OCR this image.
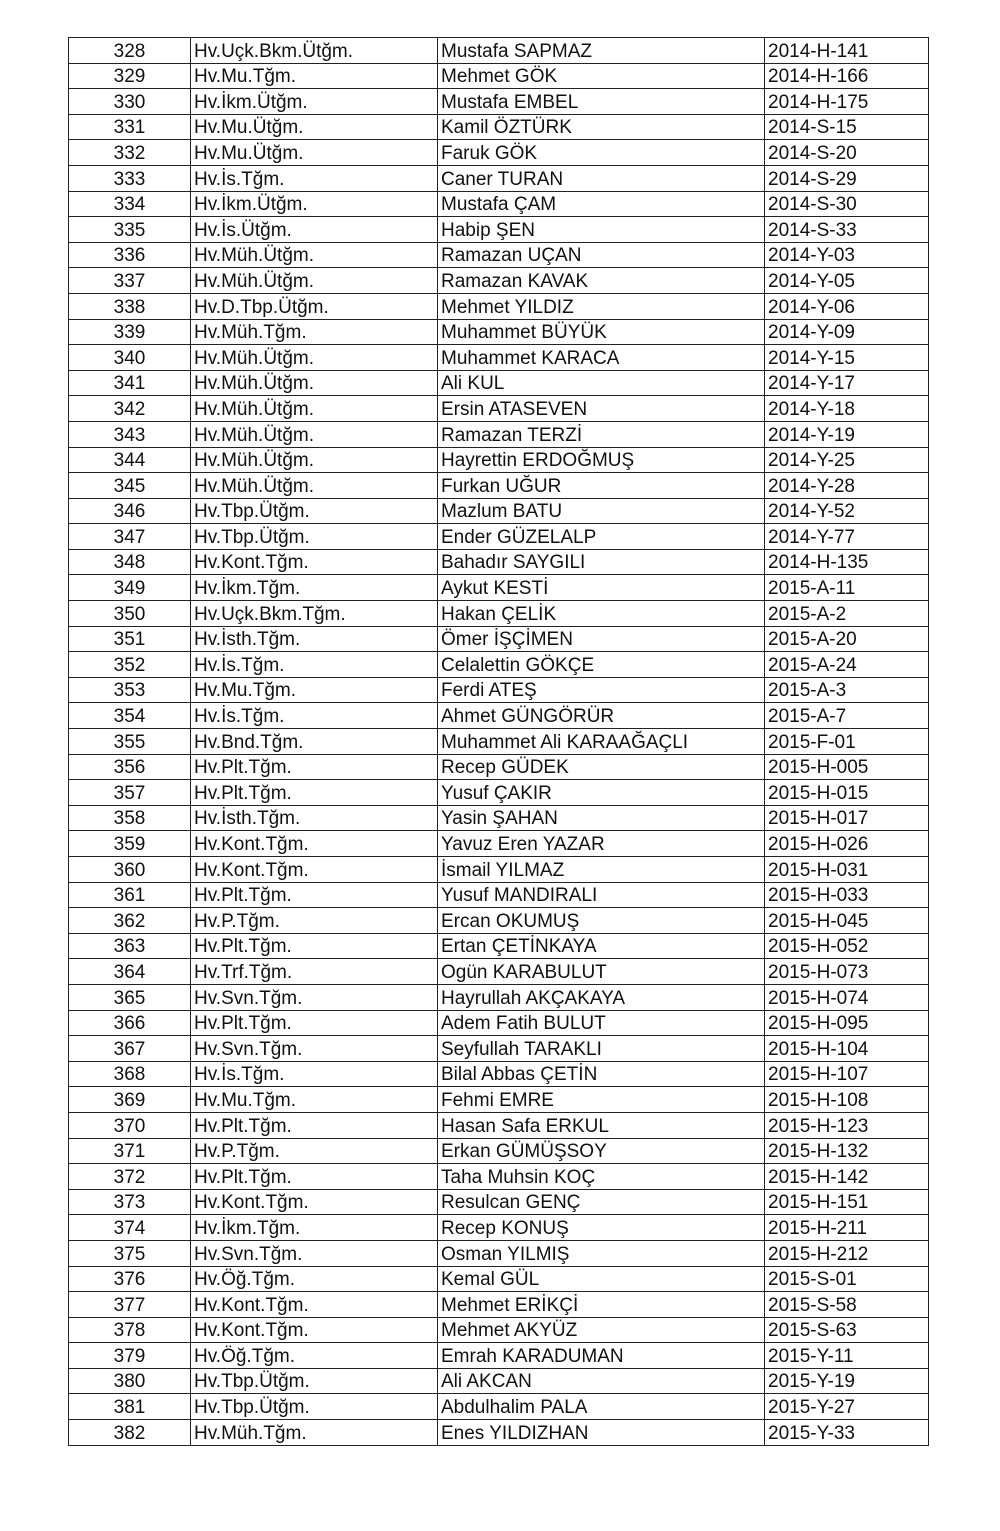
328	Hv.Uçk.Bkm.Ütğm.	Mustafa SAPMAZ	2014-H-141
329	Hv.Mu.Tğm.	Mehmet GÖK	2014-H-166
330	Hv.İkm.Ütğm.	Mustafa EMBEL	2014-H-175
331	Hv.Mu.Ütğm.	Kamil ÖZTÜRK	2014-S-15
332	Hv.Mu.Ütğm.	Faruk GÖK	2014-S-20
333	Hv.İs.Tğm.	Caner TURAN	2014-S-29
334	Hv.İkm.Ütğm.	Mustafa ÇAM	2014-S-30
335	Hv.İs.Ütğm.	Habip ŞEN	2014-S-33
336	Hv.Müh.Ütğm.	Ramazan UÇAN	2014-Y-03
337	Hv.Müh.Ütğm.	Ramazan KAVAK	2014-Y-05
338	Hv.D.Tbp.Ütğm.	Mehmet YILDIZ	2014-Y-06
339	Hv.Müh.Tğm.	Muhammet BÜYÜK	2014-Y-09
340	Hv.Müh.Ütğm.	Muhammet KARACA	2014-Y-15
341	Hv.Müh.Ütğm.	Ali KUL	2014-Y-17
342	Hv.Müh.Ütğm.	Ersin ATASEVEN	2014-Y-18
343	Hv.Müh.Ütğm.	Ramazan TERZİ	2014-Y-19
344	Hv.Müh.Ütğm.	Hayrettin ERDOĞMUŞ	2014-Y-25
345	Hv.Müh.Ütğm.	Furkan UĞUR	2014-Y-28
346	Hv.Tbp.Ütğm.	Mazlum BATU	2014-Y-52
347	Hv.Tbp.Ütğm.	Ender GÜZELALP	2014-Y-77
348	Hv.Kont.Tğm.	Bahadır SAYGILI	2014-H-135
349	Hv.İkm.Tğm.	Aykut KESTİ	2015-A-11
350	Hv.Uçk.Bkm.Tğm.	Hakan ÇELİK	2015-A-2
351	Hv.İsth.Tğm.	Ömer İŞÇİMEN	2015-A-20
352	Hv.İs.Tğm.	Celalettin GÖKÇE	2015-A-24
353	Hv.Mu.Tğm.	Ferdi ATEŞ	2015-A-3
354	Hv.İs.Tğm.	Ahmet GÜNGÖRÜR	2015-A-7
355	Hv.Bnd.Tğm.	Muhammet Ali KARAAĞAÇLI	2015-F-01
356	Hv.Plt.Tğm.	Recep GÜDEK	2015-H-005
357	Hv.Plt.Tğm.	Yusuf ÇAKIR	2015-H-015
358	Hv.İsth.Tğm.	Yasin ŞAHAN	2015-H-017
359	Hv.Kont.Tğm.	Yavuz Eren YAZAR	2015-H-026
360	Hv.Kont.Tğm.	İsmail YILMAZ	2015-H-031
361	Hv.Plt.Tğm.	Yusuf MANDIRALI	2015-H-033
362	Hv.P.Tğm.	Ercan OKUMUŞ	2015-H-045
363	Hv.Plt.Tğm.	Ertan ÇETİNKAYA	2015-H-052
364	Hv.Trf.Tğm.	Ogün KARABULUT	2015-H-073
365	Hv.Svn.Tğm.	Hayrullah AKÇAKAYA	2015-H-074
366	Hv.Plt.Tğm.	Adem Fatih BULUT	2015-H-095
367	Hv.Svn.Tğm.	Seyfullah TARAKLI	2015-H-104
368	Hv.İs.Tğm.	Bilal Abbas ÇETİN	2015-H-107
369	Hv.Mu.Tğm.	Fehmi EMRE	2015-H-108
370	Hv.Plt.Tğm.	Hasan Safa ERKUL	2015-H-123
371	Hv.P.Tğm.	Erkan GÜMÜŞSOY	2015-H-132
372	Hv.Plt.Tğm.	Taha Muhsin KOÇ	2015-H-142
373	Hv.Kont.Tğm.	Resulcan GENÇ	2015-H-151
374	Hv.İkm.Tğm.	Recep KONUŞ	2015-H-211
375	Hv.Svn.Tğm.	Osman YILMIŞ	2015-H-212
376	Hv.Öğ.Tğm.	Kemal GÜL	2015-S-01
377	Hv.Kont.Tğm.	Mehmet ERİKÇİ	2015-S-58
378	Hv.Kont.Tğm.	Mehmet AKYÜZ	2015-S-63
379	Hv.Öğ.Tğm.	Emrah KARADUMAN	2015-Y-11
380	Hv.Tbp.Ütğm.	Ali AKCAN	2015-Y-19
381	Hv.Tbp.Ütğm.	Abdulhalim PALA	2015-Y-27
382	Hv.Müh.Tğm.	Enes YILDIZHAN	2015-Y-33
